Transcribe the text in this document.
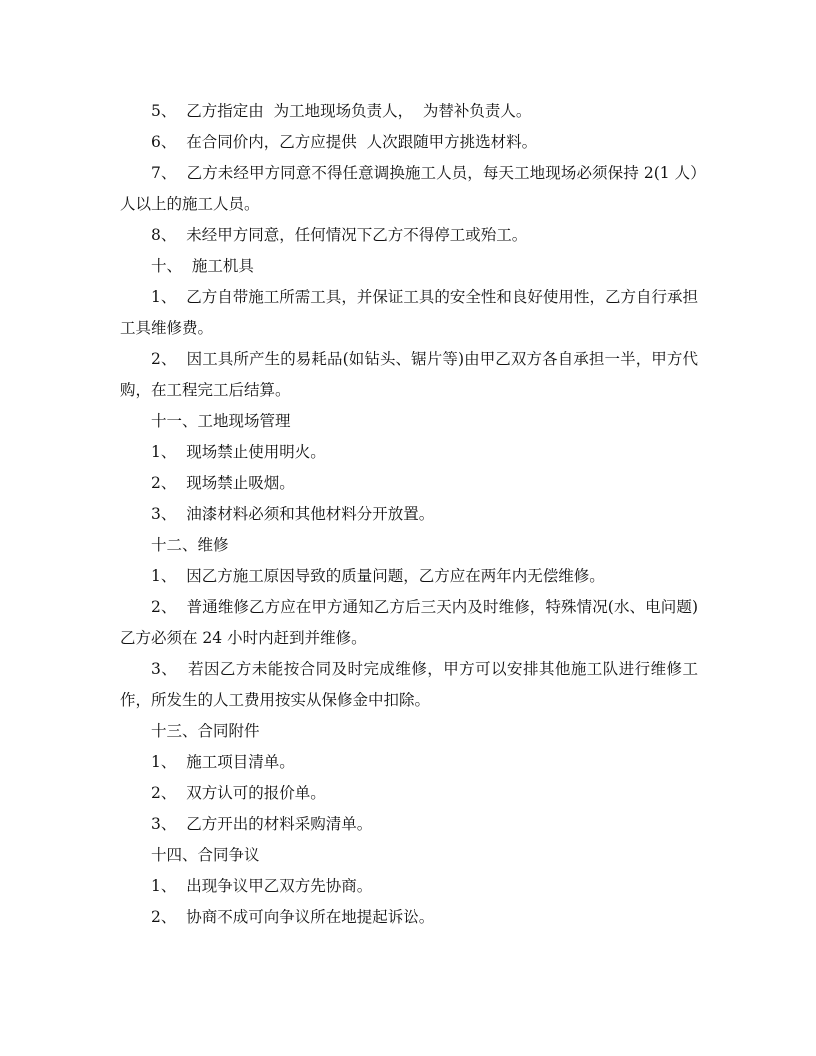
5、  乙方指定由  为工地现场负责人，  为替补负责人。

6、  在合同价内，乙方应提供  人次跟随甲方挑选材料。

7、  乙方未经甲方同意不得任意调换施工人员，每天工地现场必须保持 2(1 人）人以上的施工人员。

8、  未经甲方同意，任何情况下乙方不得停工或殆工。

十、  施工机具

1、  乙方自带施工所需工具，并保证工具的安全性和良好使用性，乙方自行承担工具维修费。

2、  因工具所产生的易耗品(如钻头、锯片等)由甲乙双方各自承担一半，甲方代购，在工程完工后结算。

十一、工地现场管理

1、  现场禁止使用明火。

2、  现场禁止吸烟。

3、  油漆材料必须和其他材料分开放置。

十二、维修

1、  因乙方施工原因导致的质量问题，乙方应在两年内无偿维修。

2、  普通维修乙方应在甲方通知乙方后三天内及时维修，特殊情况(水、电问题)乙方必须在 24 小时内赶到并维修。

3、  若因乙方未能按合同及时完成维修，甲方可以安排其他施工队进行维修工作，所发生的人工费用按实从保修金中扣除。

十三、合同附件

1、  施工项目清单。

2、  双方认可的报价单。

3、  乙方开出的材料采购清单。

十四、合同争议

1、  出现争议甲乙双方先协商。

2、  协商不成可向争议所在地提起诉讼。
